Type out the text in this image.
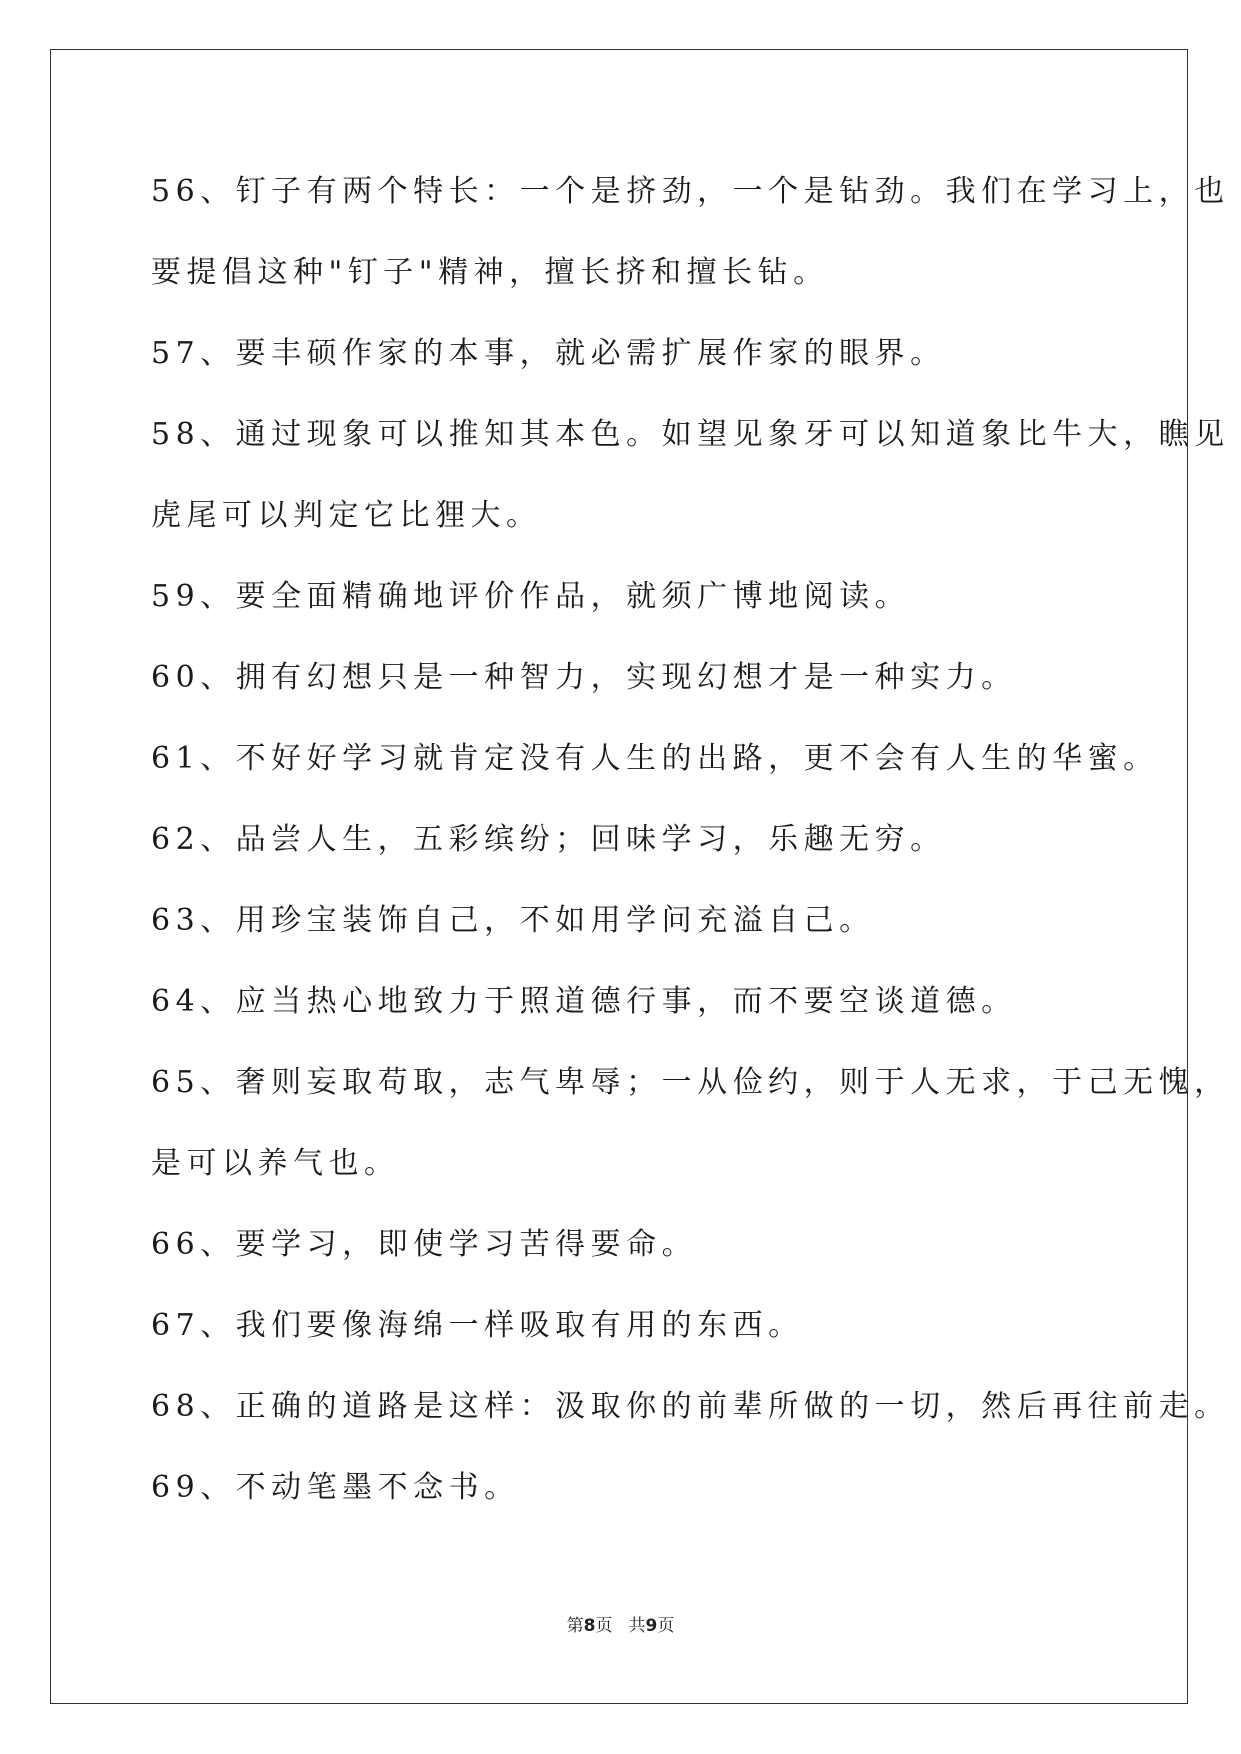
56、钉子有两个特长：一个是挤劲，一个是钻劲。我们在学习上，也
要提倡这种"钉子"精神，擅长挤和擅长钻。
57、要丰硕作家的本事，就必需扩展作家的眼界。
58、通过现象可以推知其本色。如望见象牙可以知道象比牛大，瞧见
虎尾可以判定它比狸大。
59、要全面精确地评价作品，就须广博地阅读。
60、拥有幻想只是一种智力，实现幻想才是一种实力。
61、不好好学习就肯定没有人生的出路，更不会有人生的华蜜。
62、品尝人生，五彩缤纷；回味学习，乐趣无穷。
63、用珍宝装饰自己，不如用学问充溢自己。
64、应当热心地致力于照道德行事，而不要空谈道德。
65、奢则妄取苟取，志气卑辱；一从俭约，则于人无求，于己无愧，
是可以养气也。
66、要学习，即使学习苦得要命。
67、我们要像海绵一样吸取有用的东西。
68、正确的道路是这样：汲取你的前辈所做的一切，然后再往前走。
69、不动笔墨不念书。
第8页 共9页
